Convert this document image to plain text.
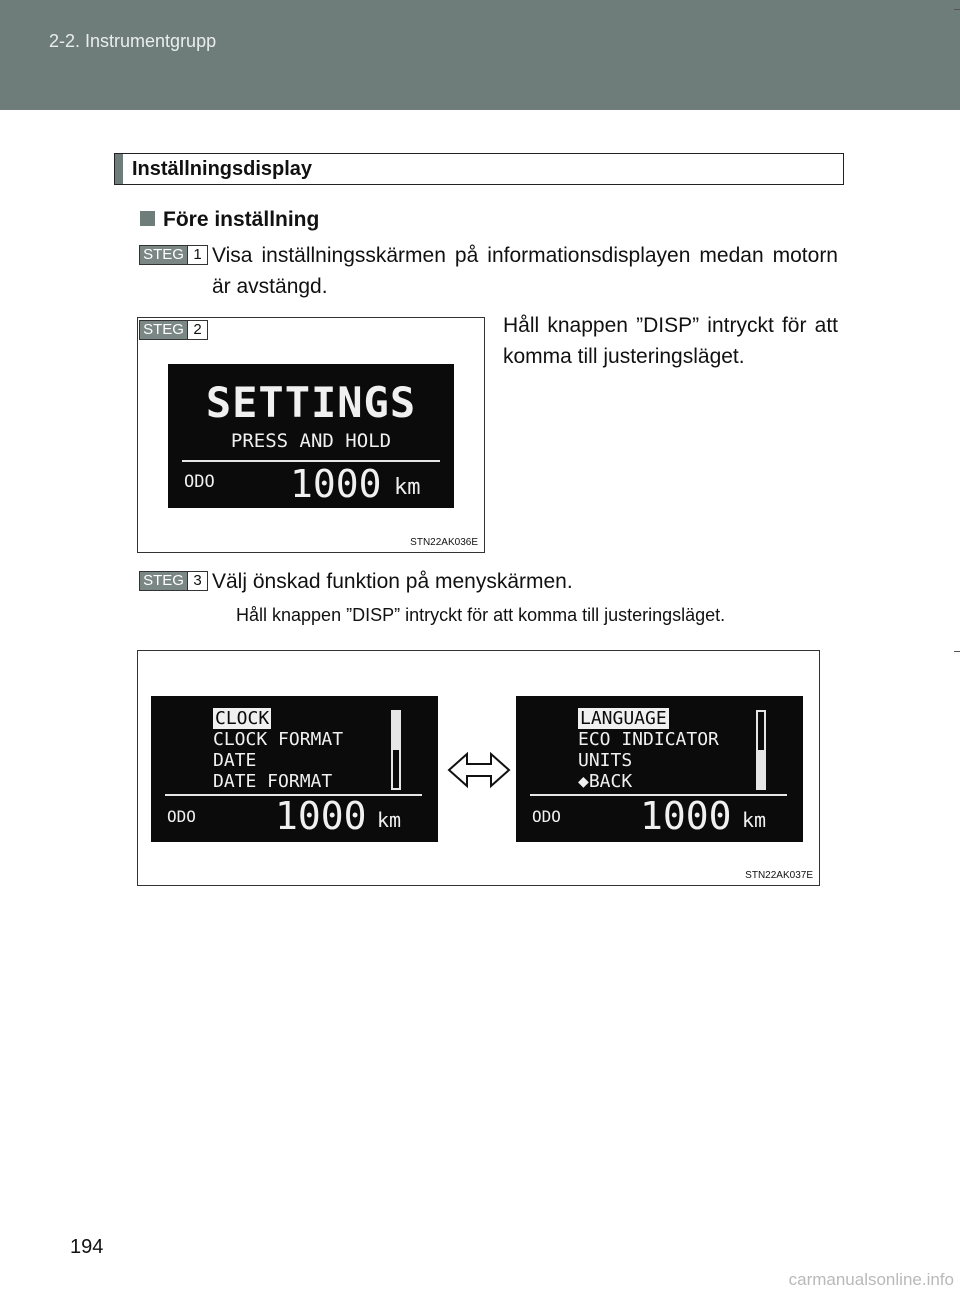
2-2. Instrumentgrupp
Inställningsdisplay
Före inställning
STEG 1 Visa inställningsskärmen på informationsdisplayen medan motorn är avstängd.
STEG 2
SETTINGS
PRESS AND HOLD
ODO 1000 km
STN22AK036E
Håll knappen ”DISP” intryckt för att komma till justeringsläget.
STEG 3 Välj önskad funktion på menyskärmen.
Håll knappen ”DISP” intryckt för att komma till justeringsläget.
CLOCK
CLOCK FORMAT
DATE
DATE FORMAT
ODO 1000 km
LANGUAGE
ECO INDICATOR
UNITS
◆BACK
ODO 1000 km
STN22AK037E
194
carmanualsonline.info
